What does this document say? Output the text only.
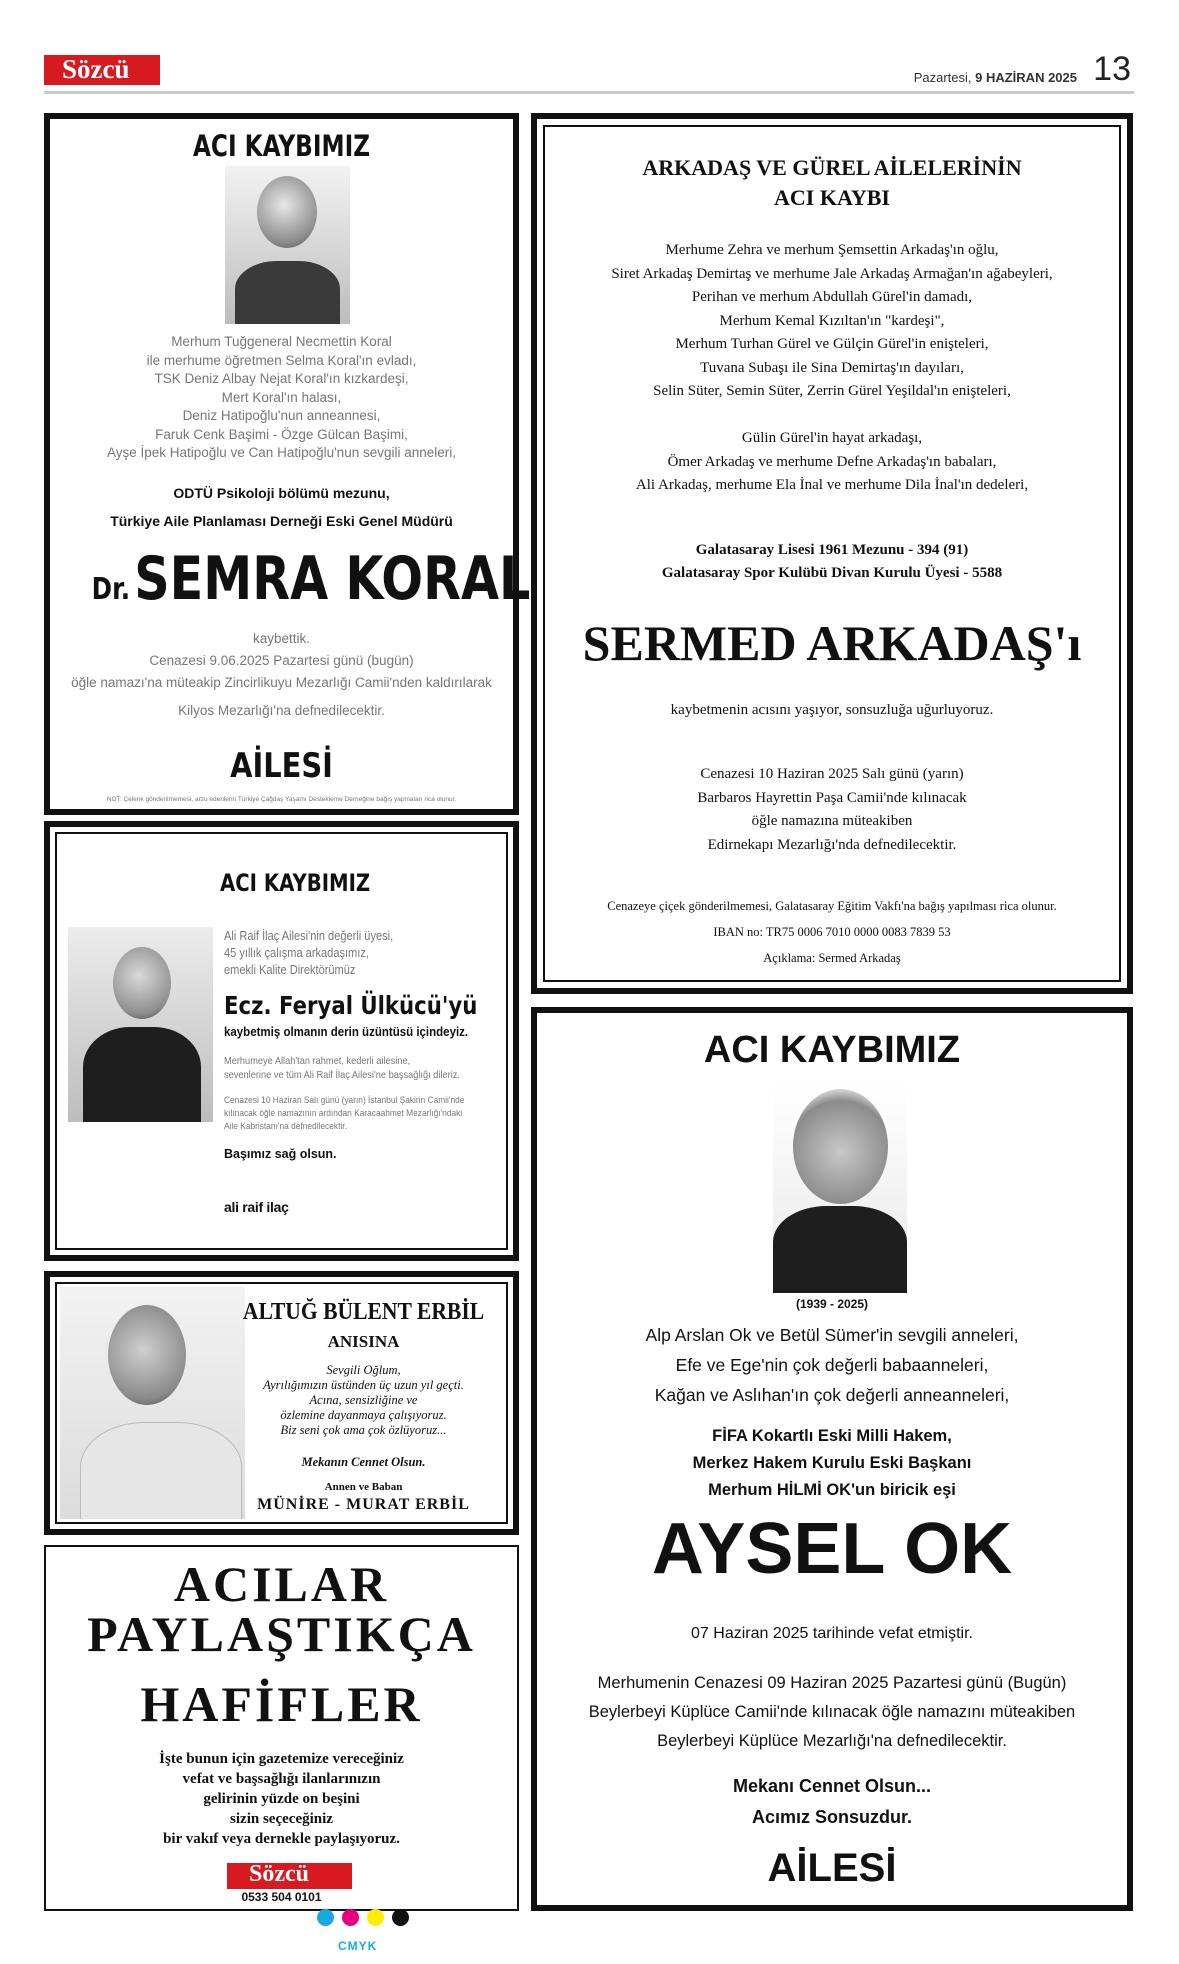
Sözcü	Pazartesi, 9 HAZİRAN 2025 13
ACI KAYBIMIZ
Merhum Tuğgeneral Necmettin Koral
ile merhume öğretmen Selma Koral'ın evladı,
TSK Deniz Albay Nejat Koral'ın kızkardeşi,
Mert Koral'ın halası,
Deniz Hatipoğlu'nun anneannesi,
Faruk Cenk Başimi - Özge Gülcan Başimi,
Ayşe İpek Hatipoğlu ve Can Hatipoğlu'nun sevgili anneleri,
ODTÜ Psikoloji bölümü mezunu,
Türkiye Aile Planlaması Derneği Eski Genel Müdürü
Dr. SEMRA KORAL
kaybettik.
Cenazesi 9.06.2025 Pazartesi günü (bugün)
öğle namazı'na müteakip Zincirlikuyu Mezarlığı Camii'nden kaldırılarak
Kilyos Mezarlığı'na defnedilecektir.
AİLESİ
NOT: Çelenk gönderilmemesi, arzu edenlerin Türkiye Çağdaş Yaşamı Destekleme Derneğine bağış yapmaları rica olunur.
ARKADAŞ VE GÜREL AİLELERİNİN
ACI KAYBI
Merhume Zehra ve merhum Şemsettin Arkadaş'ın oğlu,
Siret Arkadaş Demirtaş ve merhume Jale Arkadaş Armağan'ın ağabeyleri,
Perihan ve merhum Abdullah Gürel'in damadı,
Merhum Kemal Kızıltan'ın "kardeşi",
Merhum Turhan Gürel ve Gülçin Gürel'in enişteleri,
Tuvana Subaşı ile Sina Demirtaş'ın dayıları,
Selin Süter, Semin Süter, Zerrin Gürel Yeşildal'ın enişteleri,
Gülin Gürel'in hayat arkadaşı,
Ömer Arkadaş ve merhume Defne Arkadaş'ın babaları,
Ali Arkadaş, merhume Ela İnal ve merhume Dila İnal'ın dedeleri,
Galatasaray Lisesi 1961 Mezunu - 394 (91)
Galatasaray Spor Kulübü Divan Kurulu Üyesi - 5588
SERMED ARKADAŞ'ı
kaybetmenin acısını yaşıyor, sonsuzluğa uğurluyoruz.
Cenazesi 10 Haziran 2025 Salı günü (yarın)
Barbaros Hayrettin Paşa Camii'nde kılınacak
öğle namazına müteakiben
Edirnekapı Mezarlığı'nda defnedilecektir.
Cenazeye çiçek gönderilmemesi, Galatasaray Eğitim Vakfı'na bağış yapılması rica olunur.
IBAN no: TR75 0006 7010 0000 0083 7839 53
Açıklama: Sermed Arkadaş
ACI KAYBIMIZ
Ali Raif İlaç Ailesi'nin değerli üyesi,
45 yıllık çalışma arkadaşımız,
emekli Kalite Direktörümüz
Ecz. Feryal Ülkücü'yü
kaybetmiş olmanın derin üzüntüsü içindeyiz.
Merhumeye Allah'tan rahmet, kederli ailesine,
sevenlerine ve tüm Ali Raif İlaç Ailesi'ne başsağlığı dileriz.
Cenazesi 10 Haziran Salı günü (yarın) İstanbul Şakirin Camii'nde
kılınacak öğle namazının ardından Karacaahmet Mezarlığı'ndaki
Aile Kabristanı'na defnedilecektir.
Başımız sağ olsun.
ali raif ilaç
ALTUĞ BÜLENT ERBİL
ANISINA
Sevgili Oğlum,
Ayrılığımızın üstünden üç uzun yıl geçti.
Acına, sensizliğine ve
özlemine dayanmaya çalışıyoruz.
Biz seni çok ama çok özlüyoruz...
Mekanın Cennet Olsun.
Annen ve Baban
MÜNİRE - MURAT ERBİL
ACILAR
PAYLAŞTIKÇA
HAFİFLER
İşte bunun için gazetemize vereceğiniz
vefat ve başsağlığı ilanlarınızın
gelirinin yüzde on beşini
sizin seçeceğiniz
bir vakıf veya dernekle paylaşıyoruz.
Sözcü
0533 504 0101
ACI KAYBIMIZ
(1939 - 2025)
Alp Arslan Ok ve Betül Sümer'in sevgili anneleri,
Efe ve Ege'nin çok değerli babaanneleri,
Kağan ve Aslıhan'ın çok değerli anneanneleri,
FİFA Kokartlı Eski Milli Hakem,
Merkez Hakem Kurulu Eski Başkanı
Merhum HİLMİ OK'un biricik eşi
AYSEL OK
07 Haziran 2025 tarihinde vefat etmiştir.
Merhumenin Cenazesi 09 Haziran 2025 Pazartesi günü (Bugün)
Beylerbeyi Küplüce Camii'nde kılınacak öğle namazını müteakiben
Beylerbeyi Küplüce Mezarlığı'na defnedilecektir.
Mekanı Cennet Olsun...
Acımız Sonsuzdur.
AİLESİ
CMYK
